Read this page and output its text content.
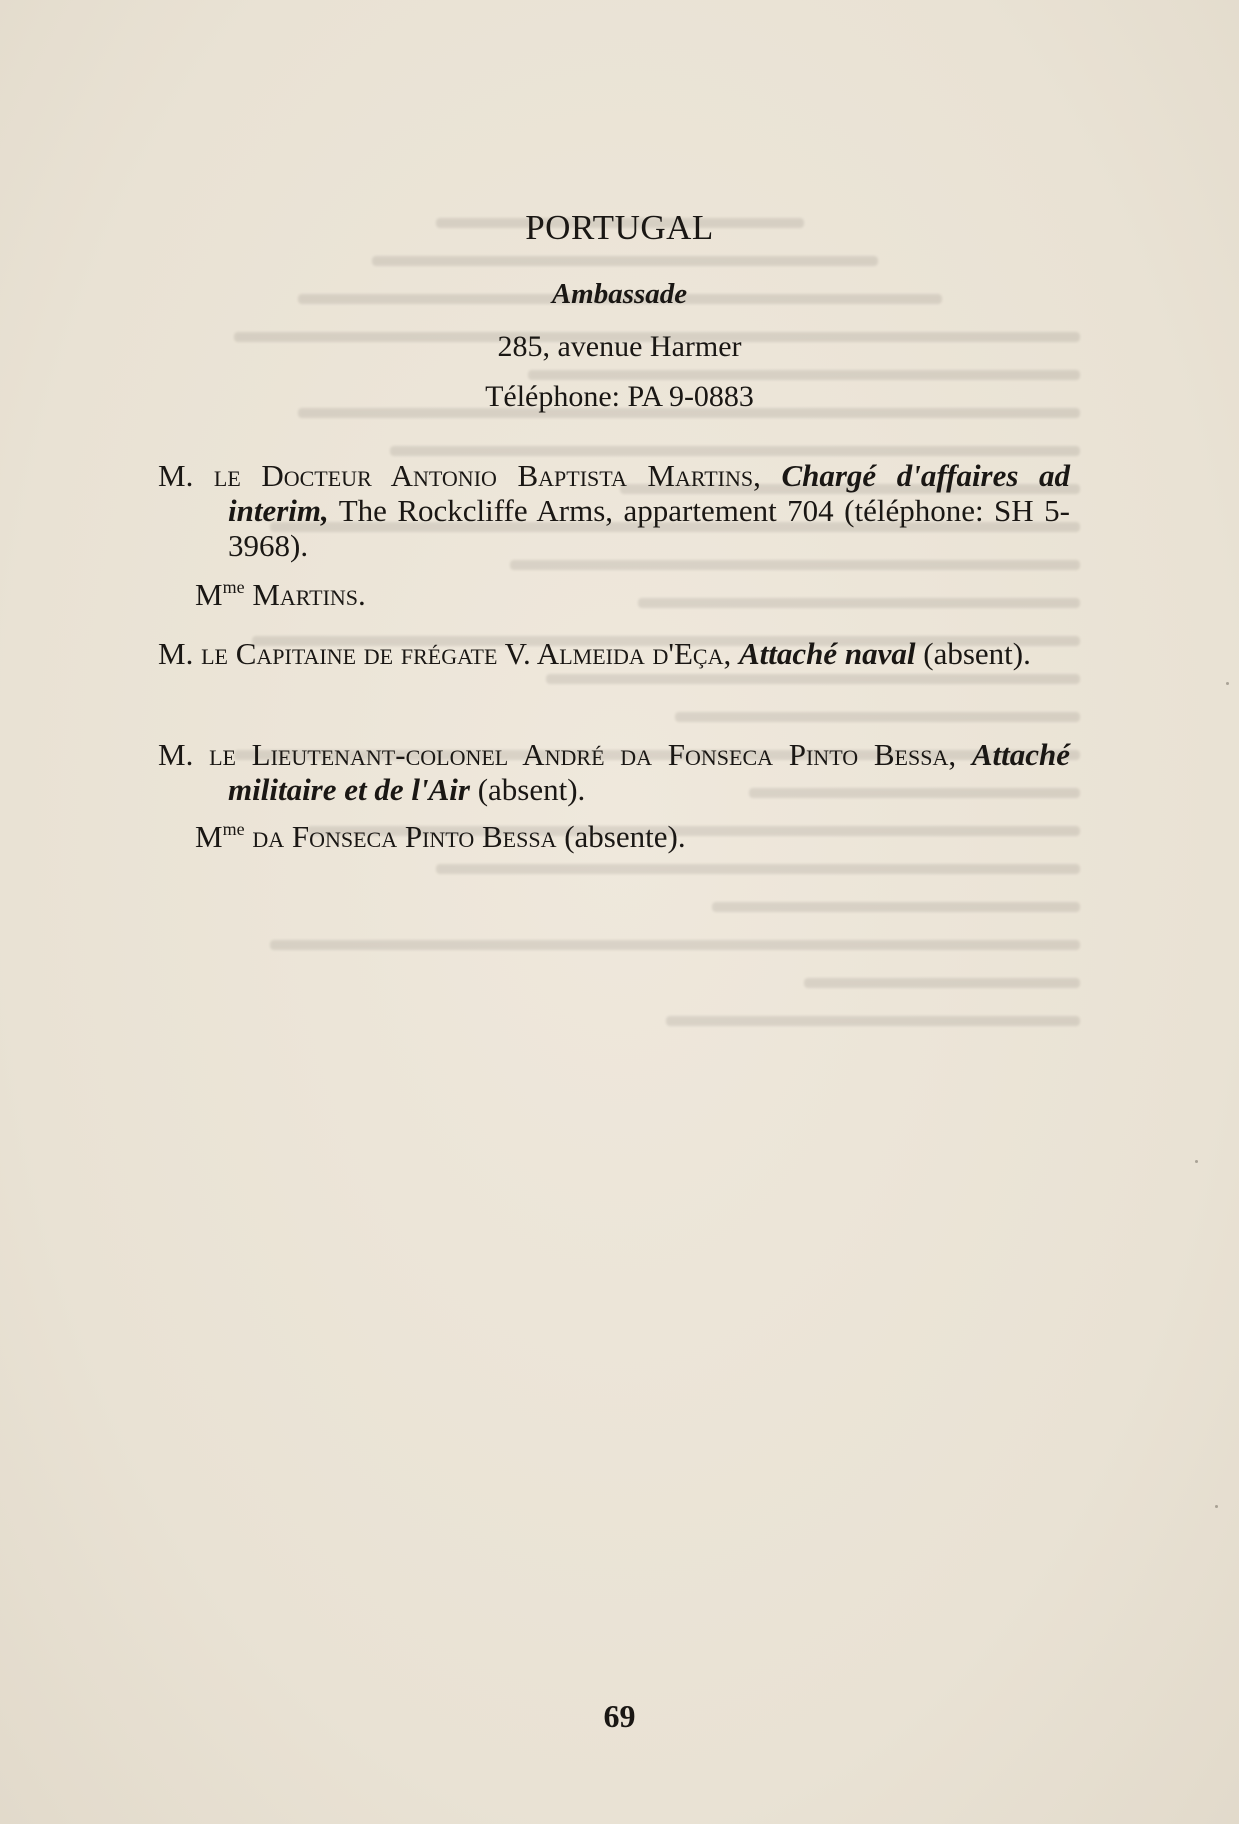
PORTUGAL
Ambassade
285, avenue Harmer
Téléphone: PA 9-0883
M. le Docteur Antonio Baptista Martins, Chargé d'affaires ad interim, The Rockcliffe Arms, appartement 704 (téléphone: SH 5-3968).
$M^{me}$ Martins.
M. le Capitaine de frégate V. Almeida d'Eça, Attaché naval (absent).
M. le Lieutenant-colonel André da Fonseca Pinto Bessa, Attaché militaire et de l'Air (absent).
$M^{me}$ da Fonseca Pinto Bessa (absente).
69
